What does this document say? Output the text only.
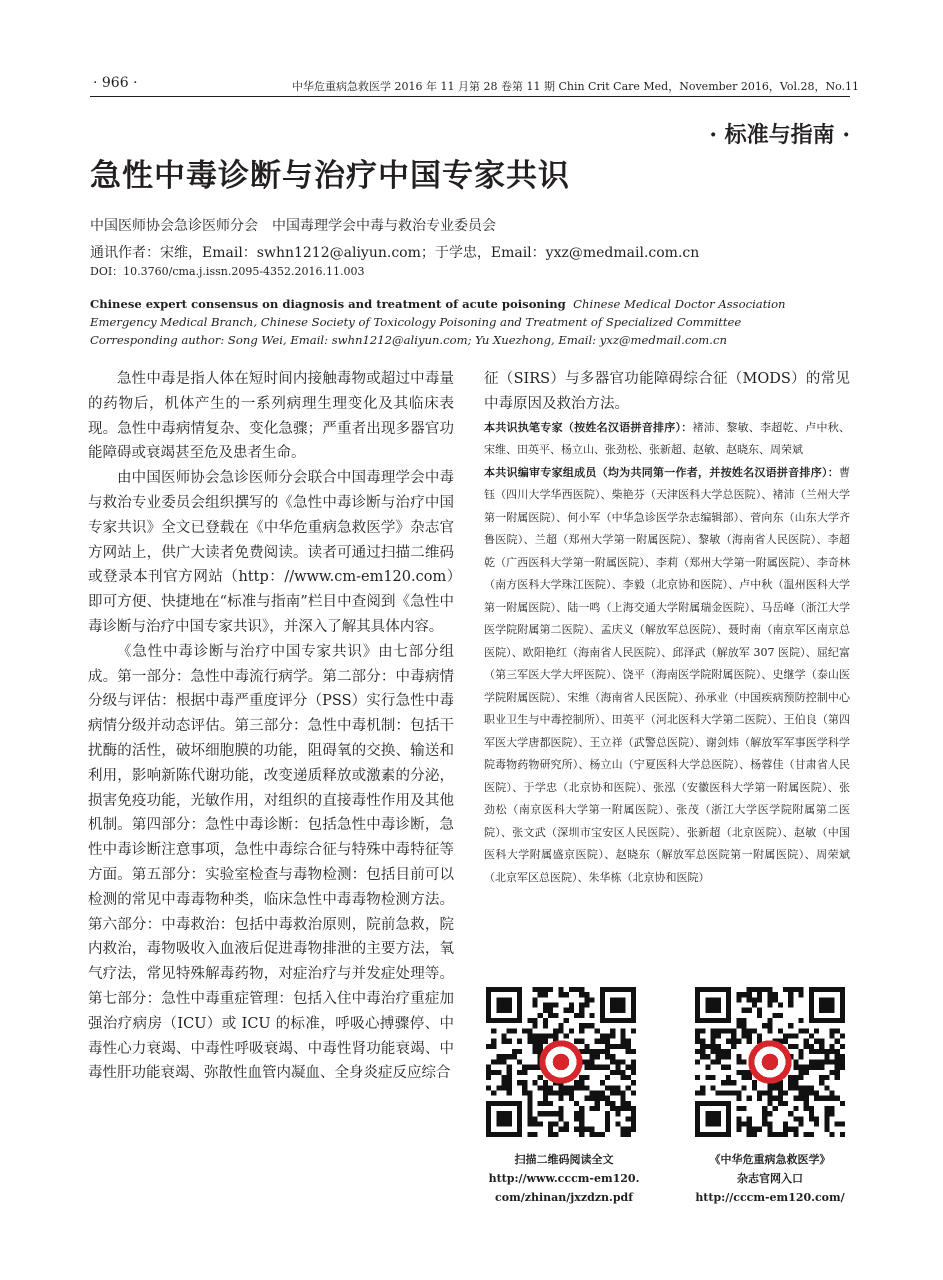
· 966 ·	中华危重病急救医学 2016 年 11 月第 28 卷第 11 期 Chin Crit Care Med，November 2016，Vol.28，No.11
· 标准与指南 ·
急性中毒诊断与治疗中国专家共识
中国医师协会急诊医师分会　中国毒理学会中毒与救治专业委员会
通讯作者：宋维，Email：swhn1212@aliyun.com；于学忠，Email：yxz@medmail.com.cn
DOI：10.3760/cma.j.issn.2095-4352.2016.11.003
Chinese expert consensus on diagnosis and treatment of acute poisoning Chinese Medical Doctor Association Emergency Medical Branch, Chinese Society of Toxicology Poisoning and Treatment of Specialized Committee
Corresponding author: Song Wei, Email: swhn1212@aliyun.com; Yu Xuezhong, Email: yxz@medmail.com.cn

急性中毒是指人体在短时间内接触毒物或超过中毒量的药物后，机体产生的一系列病理生理变化及其临床表现。急性中毒病情复杂、变化急骤；严重者出现多器官功能障碍或衰竭甚至危及患者生命。

由中国医师协会急诊医师分会联合中国毒理学会中毒与救治专业委员会组织撰写的《急性中毒诊断与治疗中国专家共识》全文已登载在《中华危重病急救医学》杂志官方网站上，供广大读者免费阅读。读者可通过扫描二维码或登录本刊官方网站（http：//www.cm-em120.com）即可方便、快捷地在“标准与指南”栏目中查阅到《急性中毒诊断与治疗中国专家共识》，并深入了解其具体内容。

《急性中毒诊断与治疗中国专家共识》由七部分组成。第一部分：急性中毒流行病学。第二部分：中毒病情分级与评估：根据中毒严重度评分（PSS）实行急性中毒病情分级并动态评估。第三部分：急性中毒机制：包括干扰酶的活性，破坏细胞膜的功能，阻碍氧的交换、输送和利用，影响新陈代谢功能，改变递质释放或激素的分泌，损害免疫功能，光敏作用，对组织的直接毒性作用及其他机制。第四部分：急性中毒诊断：包括急性中毒诊断，急性中毒诊断注意事项，急性中毒综合征与特殊中毒特征等方面。第五部分：实验室检查与毒物检测：包括目前可以检测的常见中毒毒物种类，临床急性中毒毒物检测方法。第六部分：中毒救治：包括中毒救治原则，院前急救，院内救治，毒物吸收入血液后促进毒物排泄的主要方法，氧气疗法，常见特殊解毒药物，对症治疗与并发症处理等。第七部分：急性中毒重症管理：包括入住中毒治疗重症加强治疗病房（ICU）或 ICU 的标准，呼吸心搏骤停、中毒性心力衰竭、中毒性呼吸衰竭、中毒性肾功能衰竭、中毒性肝功能衰竭、弥散性血管内凝血、全身炎症反应综合

征（SIRS）与多器官功能障碍综合征（MODS）的常见中毒原因及救治方法。

本共识执笔专家（按姓名汉语拼音排序）：褚沛、黎敏、李超乾、卢中秋、宋维、田英平、杨立山、张劲松、张新超、赵敏、赵晓东、周荣斌

本共识编审专家组成员（均为共同第一作者，并按姓名汉语拼音排序）：曹钰（四川大学华西医院）、柴艳芬（天津医科大学总医院）、褚沛（兰州大学第一附属医院）、何小军（中华急诊医学杂志编辑部）、菅向东（山东大学齐鲁医院）、兰超（郑州大学第一附属医院）、黎敏（海南省人民医院）、李超乾（广西医科大学第一附属医院）、李莉（郑州大学第一附属医院）、李奇林（南方医科大学珠江医院）、李毅（北京协和医院）、卢中秋（温州医科大学第一附属医院）、陆一鸣（上海交通大学附属瑞金医院）、马岳峰（浙江大学医学院附属第二医院）、孟庆义（解放军总医院）、聂时南（南京军区南京总医院）、欧阳艳红（海南省人民医院）、邱泽武（解放军 307 医院）、屈纪富（第三军医大学大坪医院）、饶平（海南医学院附属医院）、史继学（泰山医学院附属医院）、宋维（海南省人民医院）、孙承业（中国疾病预防控制中心职业卫生与中毒控制所）、田英平（河北医科大学第二医院）、王伯良（第四军医大学唐都医院）、王立祥（武警总医院）、谢剑炜（解放军军事医学科学院毒物药物研究所）、杨立山（宁夏医科大学总医院）、杨蓉佳（甘肃省人民医院）、于学忠（北京协和医院）、张泓（安徽医科大学第一附属医院）、张劲松（南京医科大学第一附属医院）、张茂（浙江大学医学院附属第二医院）、张文武（深圳市宝安区人民医院）、张新超（北京医院）、赵敏（中国医科大学附属盛京医院）、赵晓东（解放军总医院第一附属医院）、周荣斌（北京军区总医院）、朱华栋（北京协和医院）

扫描二维码阅读全文
http://www.cccm-em120.
com/zhinan/jxzdzn.pdf
《中华危重病急救医学》
杂志官网入口
http://cccm-em120.com/
